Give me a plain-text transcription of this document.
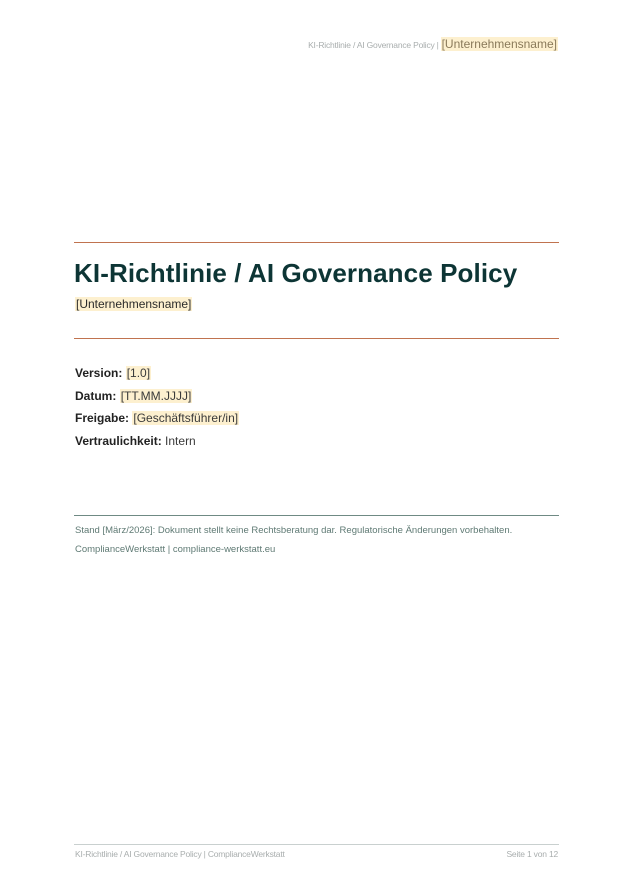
KI-Richtlinie / AI Governance Policy | [Unternehmensname]
KI-Richtlinie / AI Governance Policy
[Unternehmensname]
Version: [1.0]
Datum: [TT.MM.JJJJ]
Freigabe: [Geschäftsführer/in]
Vertraulichkeit: Intern
Stand [März/2026]: Dokument stellt keine Rechtsberatung dar. Regulatorische Änderungen vorbehalten.
ComplianceWerkstatt | compliance-werkstatt.eu
KI-Richtlinie / AI Governance Policy | ComplianceWerkstatt	Seite 1 von 12
